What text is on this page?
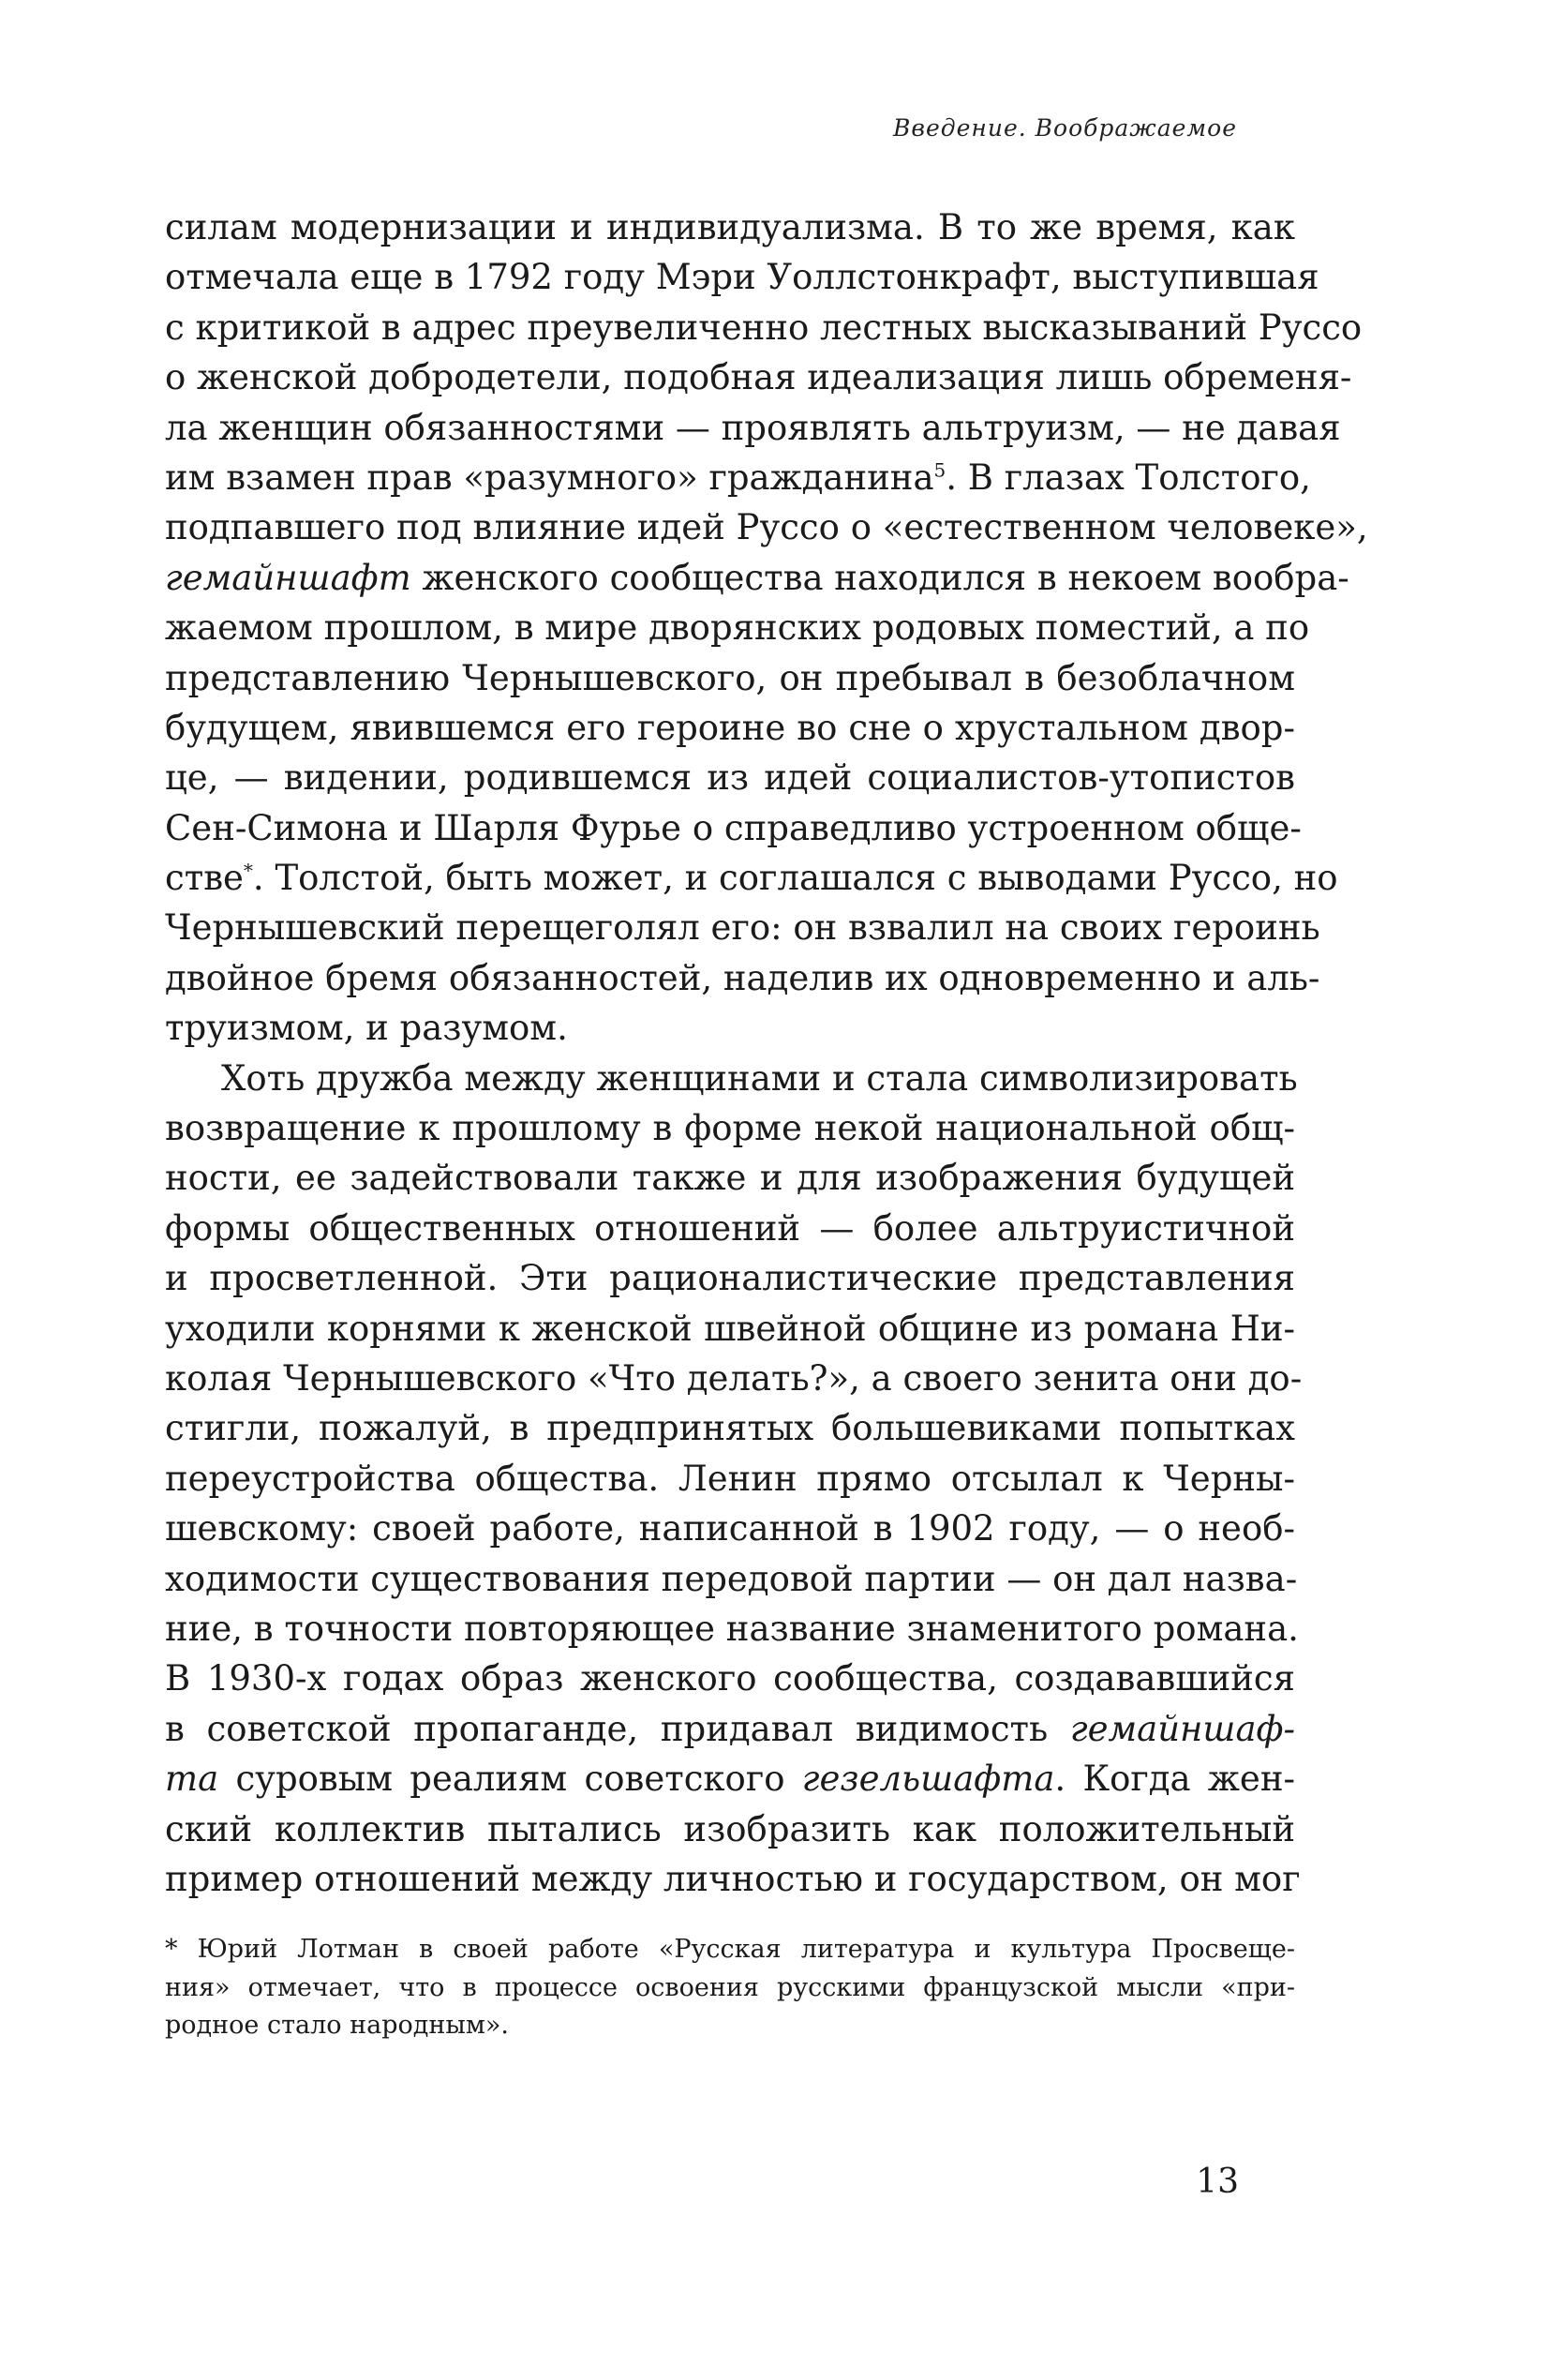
Введение. Воображаемое
силам модернизации и индивидуализма. В то же время, как
отмечала еще в 1792 году Мэри Уоллстонкрафт, выступившая
с критикой в адрес преувеличенно лестных высказываний Руссо
о женской добродетели, подобная идеализация лишь обременя-
ла женщин обязанностями — проявлять альтруизм, — не давая
им взамен прав «разумного» гражданина$^5$. В глазах Толстого,
подпавшего под влияние идей Руссо о «естественном человеке»,
гемайншафт женского сообщества находился в некоем вообра-
жаемом прошлом, в мире дворянских родовых поместий, а по
представлению Чернышевского, он пребывал в безоблачном
будущем, явившемся его героине во сне о хрустальном двор-
це, — видении, родившемся из идей социалистов-утопистов
Сен-Симона и Шарля Фурье о справедливо устроенном обще-
стве*. Толстой, быть может, и соглашался с выводами Руссо, но
Чернышевский перещеголял его: он взвалил на своих героинь
двойное бремя обязанностей, наделив их одновременно и аль-
труизмом, и разумом.
Хоть дружба между женщинами и стала символизировать
возвращение к прошлому в форме некой национальной общ-
ности, ее задействовали также и для изображения будущей
формы общественных отношений — более альтруистичной
и просветленной. Эти рационалистические представления
уходили корнями к женской швейной общине из романа Ни-
колая Чернышевского «Что делать?», а своего зенита они до-
стигли, пожалуй, в предпринятых большевиками попытках
переустройства общества. Ленин прямо отсылал к Черны-
шевскому: своей работе, написанной в 1902 году, — о необ-
ходимости существования передовой партии — он дал назва-
ние, в точности повторяющее название знаменитого романа.
В 1930-х годах образ женского сообщества, создававшийся
в советской пропаганде, придавал видимость гемайншаф-
та суровым реалиям советского гезельшафта. Когда жен-
ский коллектив пытались изобразить как положительный
пример отношений между личностью и государством, он мог
* Юрий Лотман в своей работе «Русская литература и культура Просвеще-
ния» отмечает, что в процессе освоения русскими французской мысли «при-
родное стало народным».
13
